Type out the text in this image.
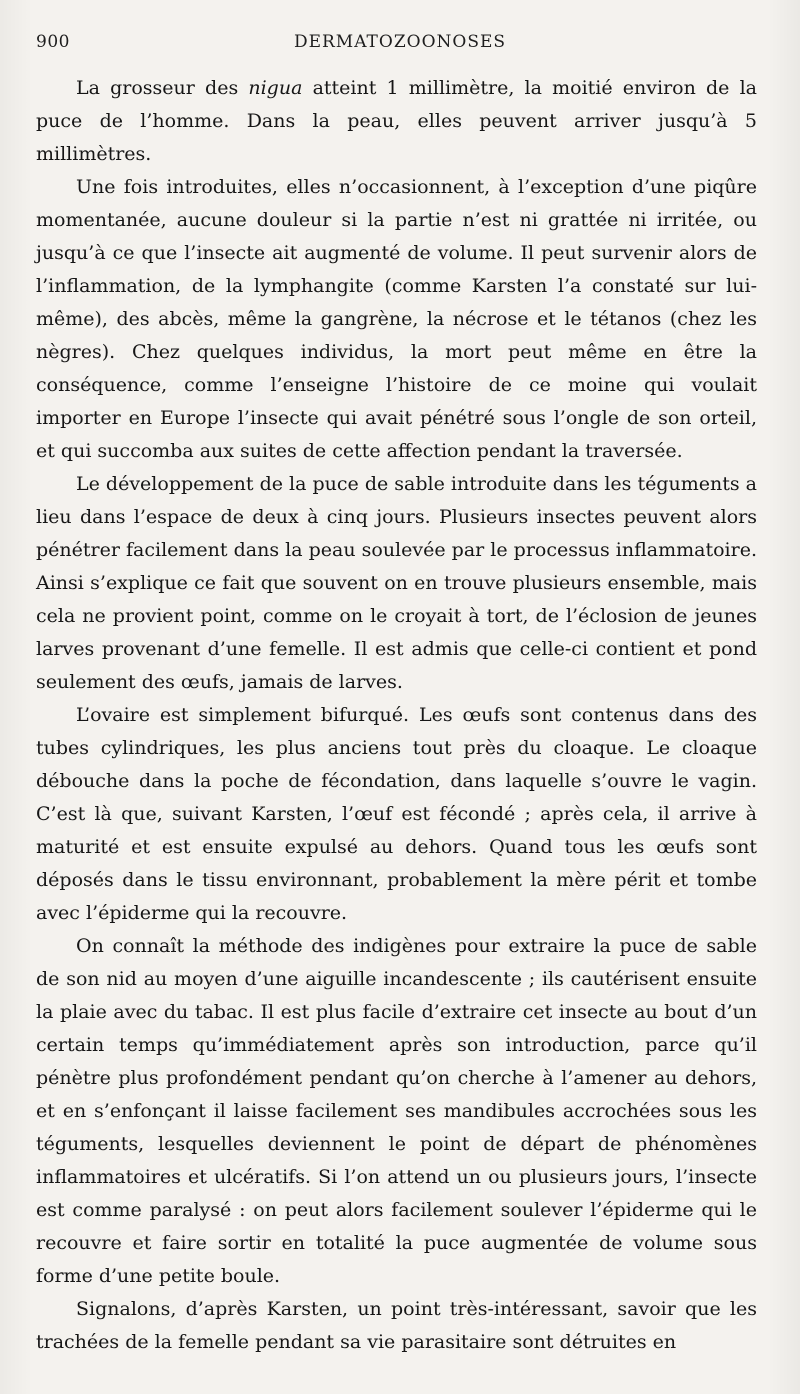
900	DERMATOZOONOSES

La grosseur des nigua atteint 1 millimètre, la moitié environ de la puce de l’homme. Dans la peau, elles peuvent arriver jusqu’à 5 millimètres.

Une fois introduites, elles n’occasionnent, à l’exception d’une piqûre momentanée, aucune douleur si la partie n’est ni grattée ni irritée, ou jusqu’à ce que l’insecte ait augmenté de volume. Il peut survenir alors de l’inflammation, de la lymphangite (comme Karsten l’a constaté sur lui-même), des abcès, même la gangrène, la nécrose et le tétanos (chez les nègres). Chez quelques individus, la mort peut même en être la conséquence, comme l’enseigne l’histoire de ce moine qui voulait importer en Europe l’insecte qui avait pénétré sous l’ongle de son orteil, et qui succomba aux suites de cette affection pendant la traversée.

Le développement de la puce de sable introduite dans les téguments a lieu dans l’espace de deux à cinq jours. Plusieurs insectes peuvent alors pénétrer facilement dans la peau soulevée par le processus inflammatoire. Ainsi s’explique ce fait que souvent on en trouve plusieurs ensemble, mais cela ne provient point, comme on le croyait à tort, de l’éclosion de jeunes larves provenant d’une femelle. Il est admis que celle-ci contient et pond seulement des œufs, jamais de larves.

L’ovaire est simplement bifurqué. Les œufs sont contenus dans des tubes cylindriques, les plus anciens tout près du cloaque. Le cloaque débouche dans la poche de fécondation, dans laquelle s’ouvre le vagin. C’est là que, suivant Karsten, l’œuf est fécondé ; après cela, il arrive à maturité et est ensuite expulsé au dehors. Quand tous les œufs sont déposés dans le tissu environnant, probablement la mère périt et tombe avec l’épiderme qui la recouvre.

On connaît la méthode des indigènes pour extraire la puce de sable de son nid au moyen d’une aiguille incandescente ; ils cautérisent ensuite la plaie avec du tabac. Il est plus facile d’extraire cet insecte au bout d’un certain temps qu’immédiatement après son introduction, parce qu’il pénètre plus profondément pendant qu’on cherche à l’amener au dehors, et en s’enfonçant il laisse facilement ses mandibules accrochées sous les téguments, lesquelles deviennent le point de départ de phénomènes inflammatoires et ulcératifs. Si l’on attend un ou plusieurs jours, l’insecte est comme paralysé : on peut alors facilement soulever l’épiderme qui le recouvre et faire sortir en totalité la puce augmentée de volume sous forme d’une petite boule.

Signalons, d’après Karsten, un point très-intéressant, savoir que les trachées de la femelle pendant sa vie parasitaire sont détruites en
